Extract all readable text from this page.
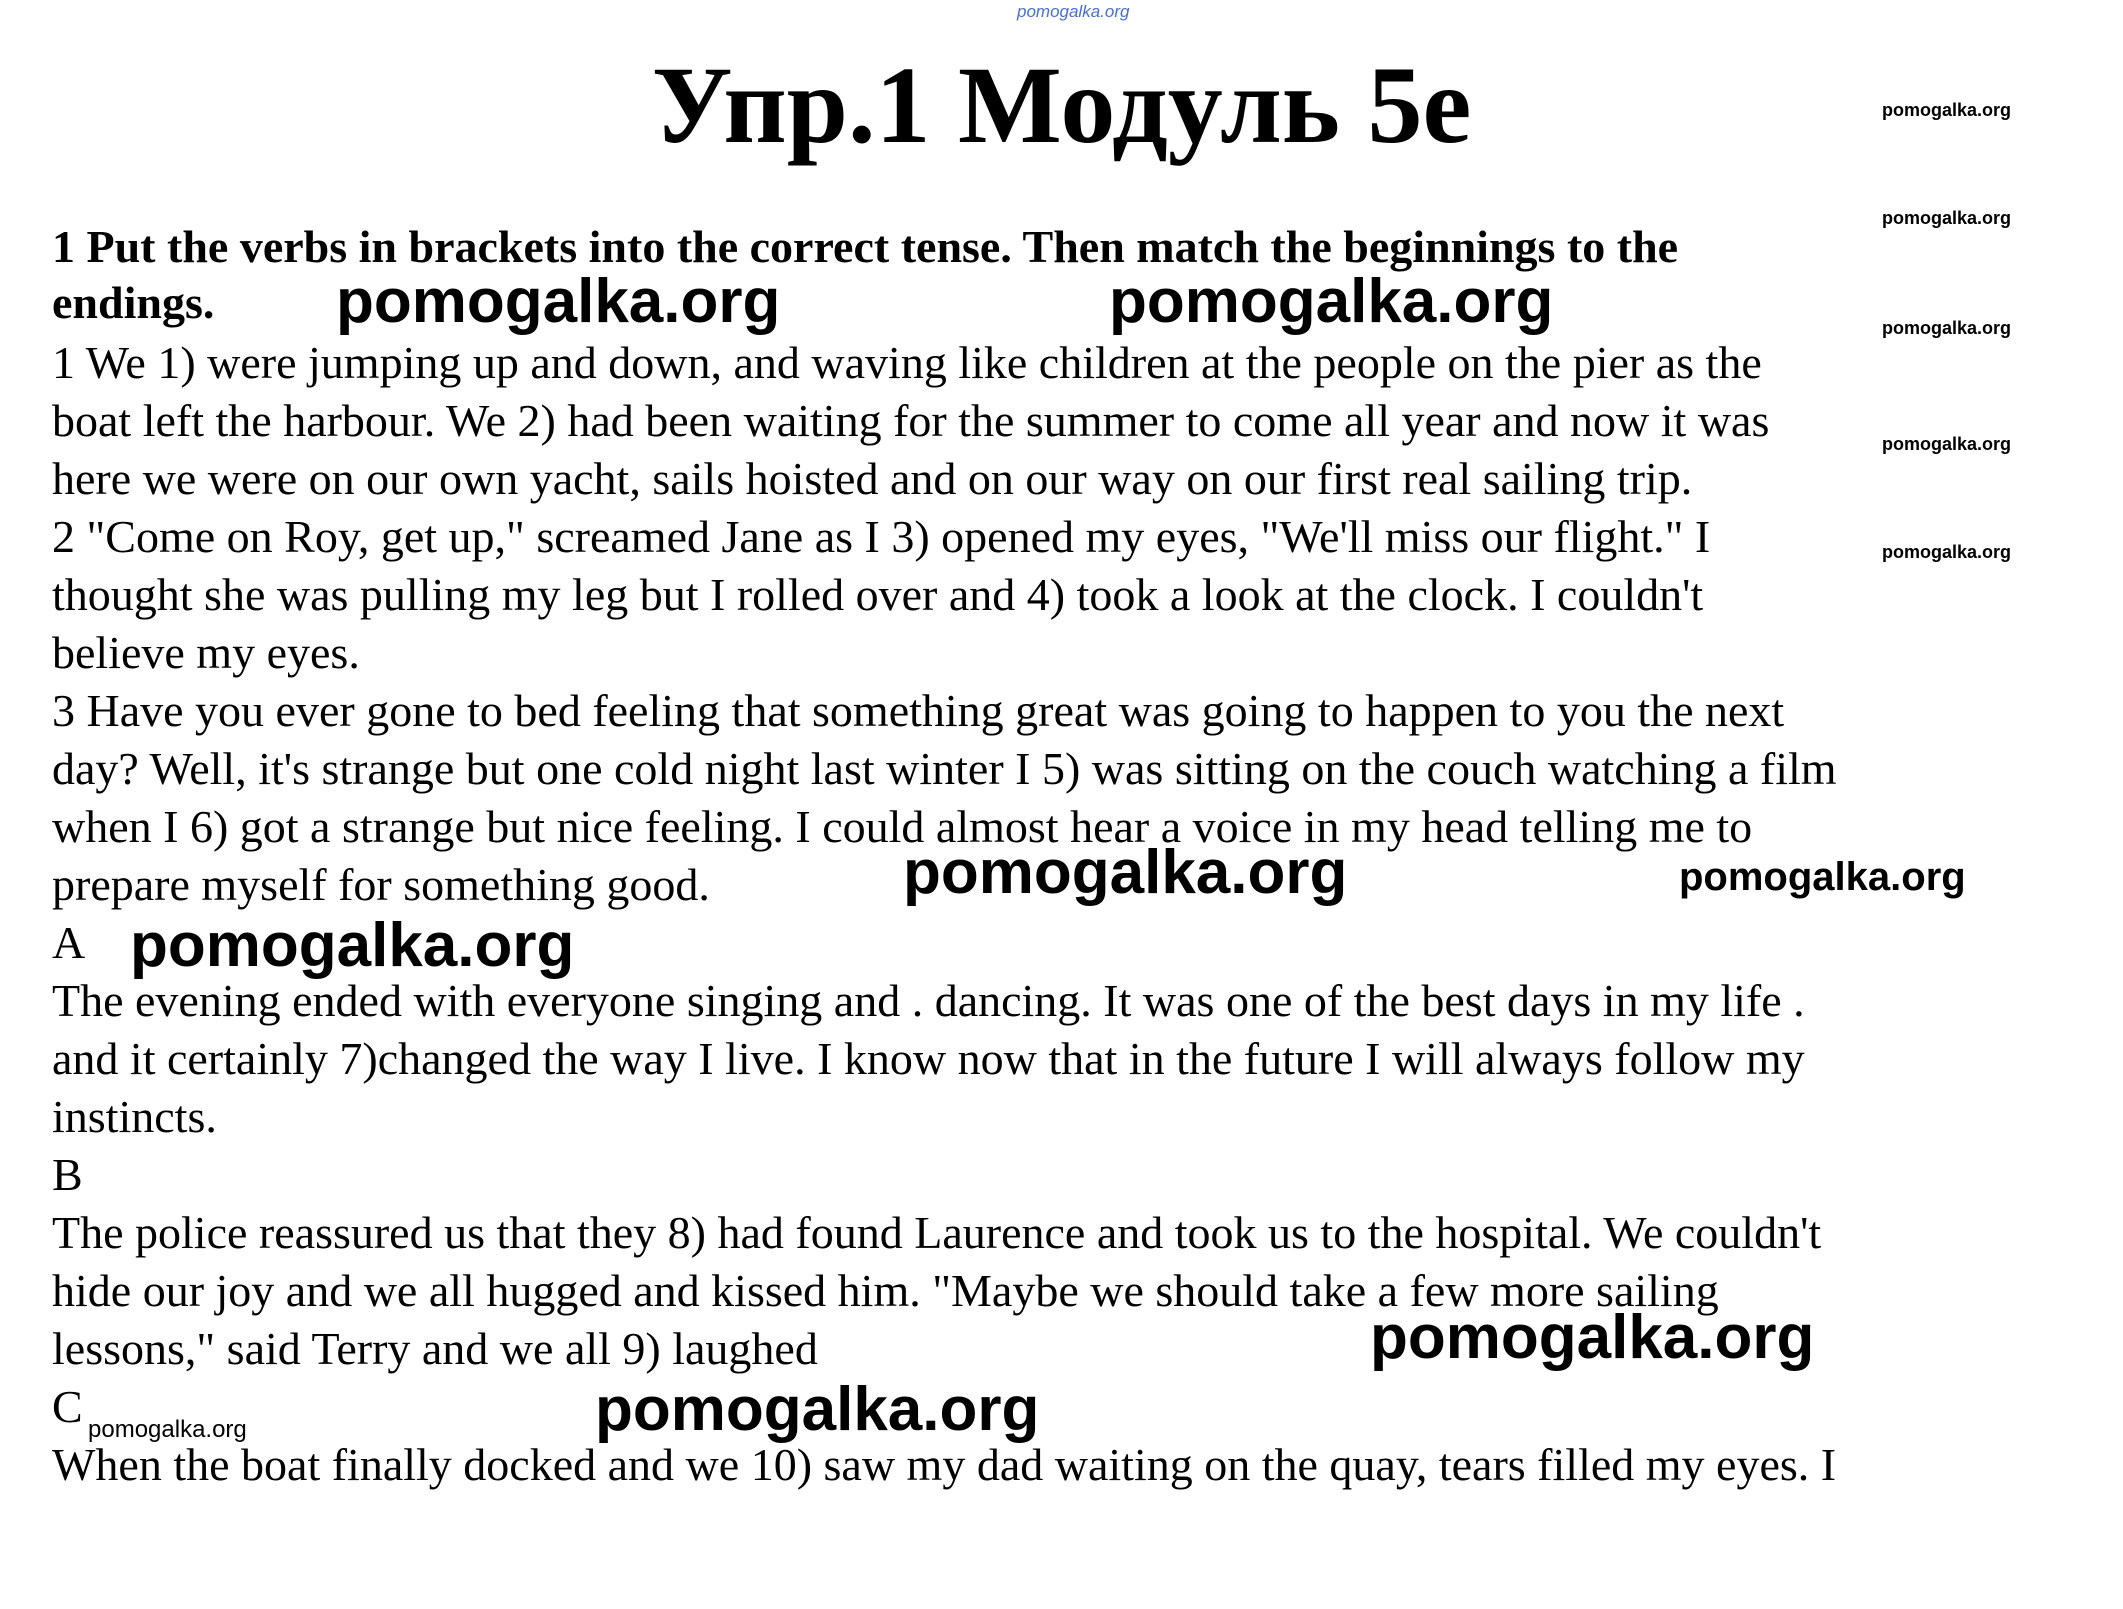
pomogalka.org
Упр.1 Модуль 5е	pomogalka.org
pomogalka.org
pomogalka.org
pomogalka.org
pomogalka.org
1 Put the verbs in brackets into the correct tense. Then match the beginnings to the
endings.
1 We 1) were jumping up and down, and waving like children at the people on the pier as the
boat left the harbour. We 2) had been waiting for the summer to come all year and now it was
here we were on our own yacht, sails hoisted and on our way on our first real sailing trip.
2 "Come on Roy, get up," screamed Jane as I 3) opened my eyes, "We'll miss our flight." I
thought she was pulling my leg but I rolled over and 4) took a look at the clock. I couldn't
believe my eyes.
3 Have you ever gone to bed feeling that something great was going to happen to you the next
day? Well, it's strange but one cold night last winter I 5) was sitting on the couch watching a film
when I 6) got a strange but nice feeling. I could almost hear a voice in my head telling me to
prepare myself for something good.
A
The evening ended with everyone singing and . dancing. It was one of the best days in my life .
and it certainly 7)changed the way I live. I know now that in the future I will always follow my
instincts.
B
The police reassured us that they 8) had found Laurence and took us to the hospital. We couldn't
hide our joy and we all hugged and kissed him. "Maybe we should take a few more sailing
lessons," said Terry and we all 9) laughed
C
When the boat finally docked and we 10) saw my dad waiting on the quay, tears filled my eyes. I
pomogalka.org	pomogalka.org
pomogalka.org	pomogalka.org
pomogalka.org
pomogalka.org
pomogalka.org
pomogalka.org
